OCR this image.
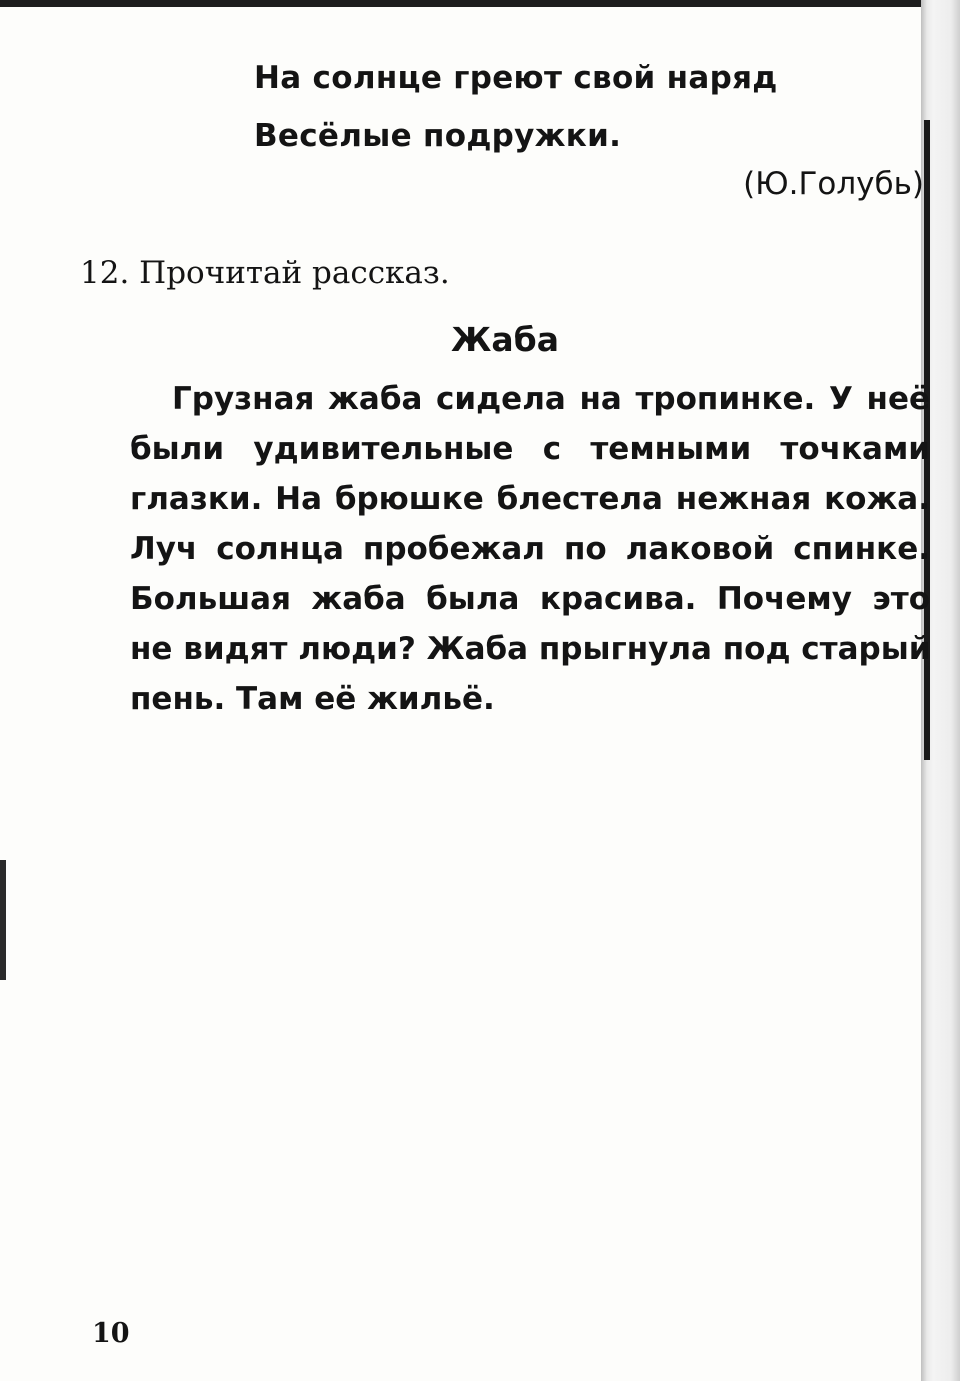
На солнце греют свой наряд
Весёлые подружки.
(Ю.Голубь)
12. Прочитай рассказ.
Жаба
Грузная жаба сидела на тропинке. У неё
были удивительные с темными точками
глазки. На брюшке блестела нежная кожа.
Луч солнца пробежал по лаковой спинке.
Большая жаба была красива. Почему это
не видят люди? Жаба прыгнула под старый
пень. Там её жильё.
10
